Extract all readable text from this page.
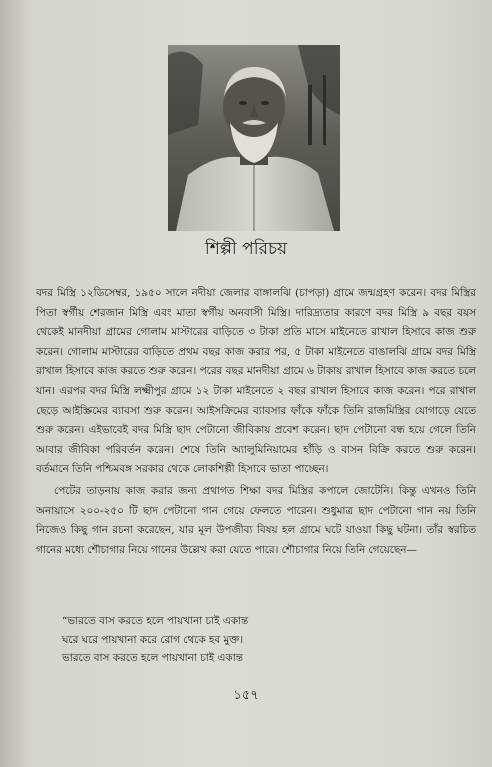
শিল্পী পরিচয়

বদর মিস্ত্রি ১২ডিসেম্বর, ১৯৫০ সালে নদীয়া জেলার বাঙ্গালঝি (চাপড়া) গ্রামে জন্মগ্রহণ করেন। বদর মিস্ত্রির পিতা স্বর্গীয় শেরজান মিস্ত্রি এবং মাতা স্বর্গীয় অনবাসী মিস্ত্রি। দারিদ্র্যতার কারণে বদর মিস্ত্রি ৯ বছর বয়স থেকেই মানদীয়া গ্রামের গোলাম মাস্টারের বাড়িতে ৩ টাকা প্রতি মাসে মাইনেতে রাখাল হিসাবে কাজ শুরু করেন। গোলাম মাস্টারের বাড়িতে প্রথম বছর কাজ করার পর, ৫ টাকা মাইনেতে বাঙালঝি গ্রামে বদর মিস্ত্রি রাখাল হিসাবে কাজ করতে শুরু করেন। পরের বছর মানদীয়া গ্রামে ৬ টাকায় রাখাল হিসাবে কাজ করতে চলে যান। এরপর বদর মিস্ত্রি লক্ষ্মীপুর গ্রামে ১২ টাকা মাইনেতে ২ বছর রাখাল হিসাবে কাজ করেন। পরে রাখাল ছেড়ে আইস্ক্রিমের ব্যাবসা শুরু করেন। আইসক্রিমের ব্যাবসার ফাঁকে ফাঁকে তিনি রাজমিস্ত্রির যোগাড়ে যেতে শুরু করেন। এইভাবেই বদর মিস্ত্রি ছাদ পেটানো জীবিকায় প্রবেশ করেন। ছাদ পেটানো বন্ধ হয়ে গেলে তিনি আবার জীবিকা পরিবর্তন করেন। শেষে তিনি অ্যালুমিনিয়ামের হাঁড়ি ও বাসন বিক্রি করতে শুরু করেন। বর্তমানে তিনি পশ্চিমবঙ্গ সরকার থেকে লোকশিল্পী হিসাবে ভাতা পাচ্ছেন।

পেটের তাড়নায় কাজ করার জন্য প্রথাগত শিক্ষা বদর মিস্ত্রির কপালে জোটেনি। কিন্তু এখনও তিনি অনায়াসে ২০০-২৫০ টি ছাদ পেটানো গান গেয়ে ফেলতে পারেন। শুধুমাত্র ছাদ পেটানো গান নয় তিনি নিজেও কিছু গান রচনা করেছেন, যার মূল উপজীব্য বিষয় হল গ্রামে ঘটে যাওয়া কিছু ঘটনা। তাঁর স্বরচিত গানের মধ্যে শৌচাগার নিয়ে গানের উল্লেখ করা যেতে পারে। শৌচাগার নিয়ে তিনি গেয়েছেন—

“ভারতে বাস করতে হলে পায়খানা চাই একান্ত
ঘরে ঘরে পায়খানা করে রোগ থেকে হব মুক্ত।
ভারতে বাস করতে হলে পায়খানা চাই একান্ত
১৫৭
